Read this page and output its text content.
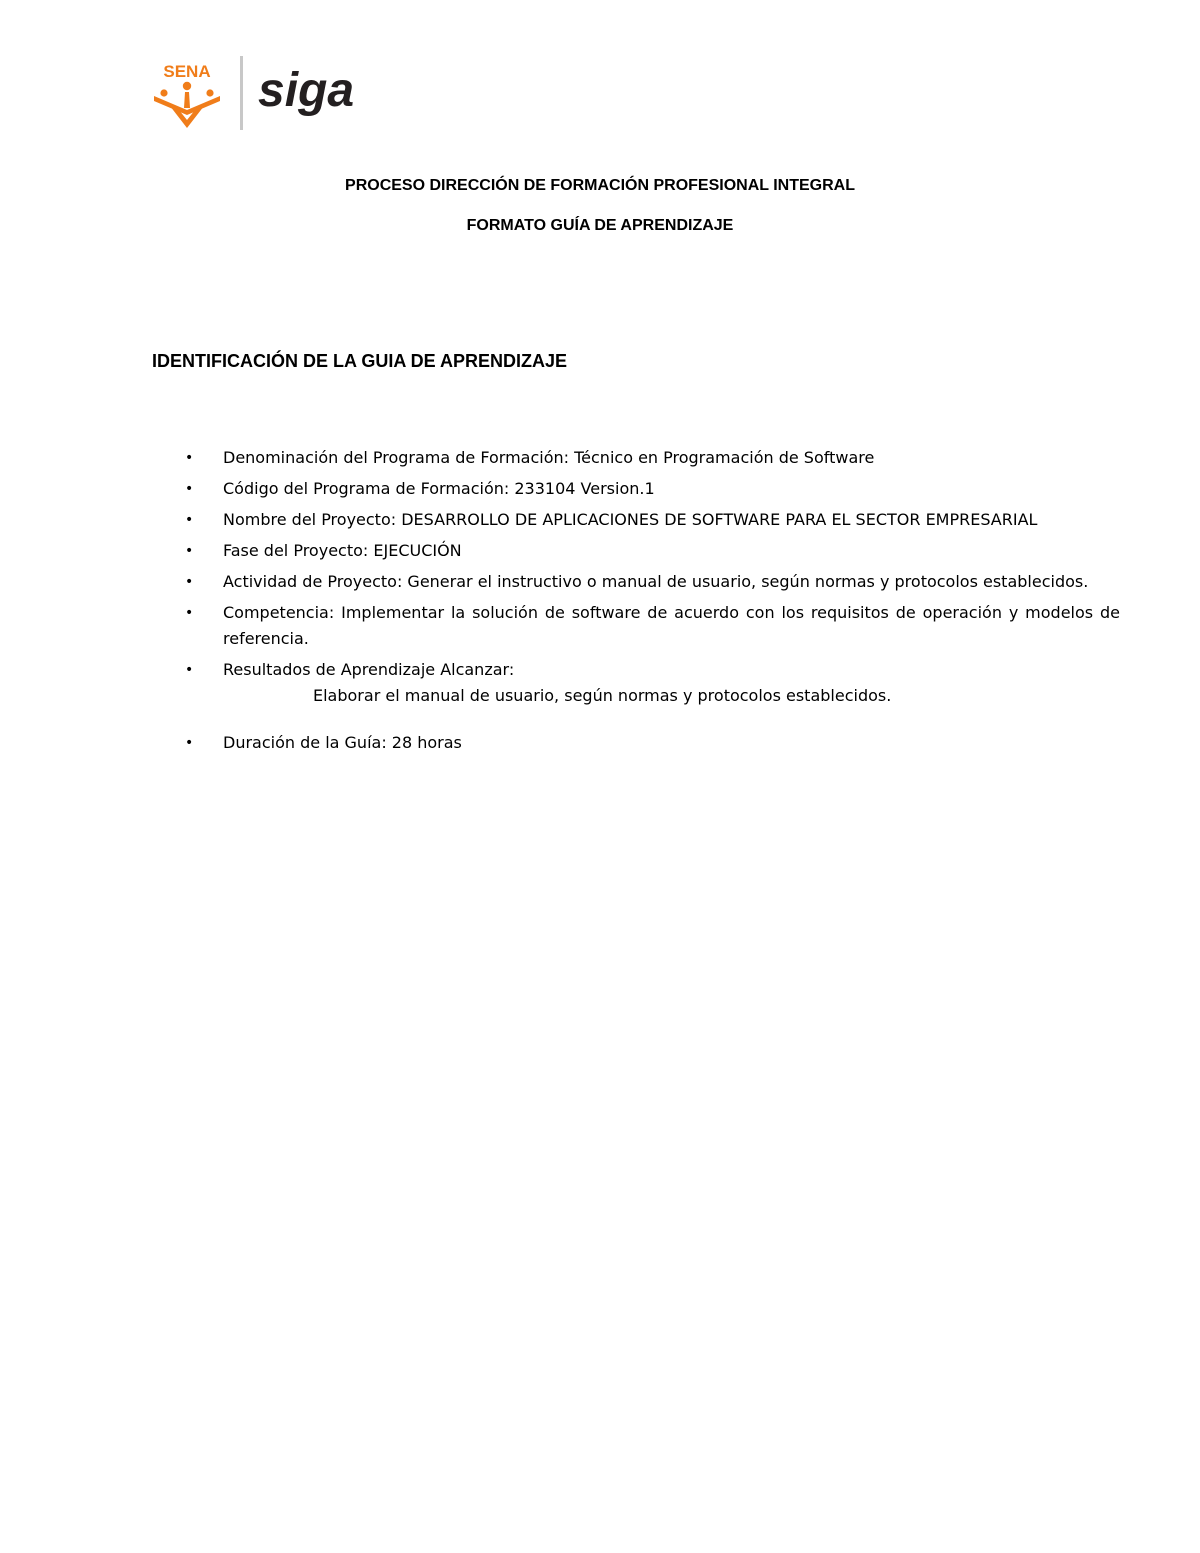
SENA siga

PROCESO DIRECCIÓN DE FORMACIÓN PROFESIONAL INTEGRAL

FORMATO GUÍA DE APRENDIZAJE

IDENTIFICACIÓN DE LA GUIA DE APRENDIZAJE
• Denominación del Programa de Formación: Técnico en Programación de Software
• Código del Programa de Formación: 233104 Version.1
• Nombre del Proyecto: DESARROLLO DE APLICACIONES DE SOFTWARE PARA EL SECTOR EMPRESARIAL
• Fase del Proyecto: EJECUCIÓN
• Actividad de Proyecto: Generar el instructivo o manual de usuario, según normas y protocolos establecidos.
• Competencia: Implementar la solución de software de acuerdo con los requisitos de operación y modelos de referencia.
• Resultados de Aprendizaje Alcanzar:
Elaborar el manual de usuario, según normas y protocolos establecidos.
• Duración de la Guía: 28 horas
